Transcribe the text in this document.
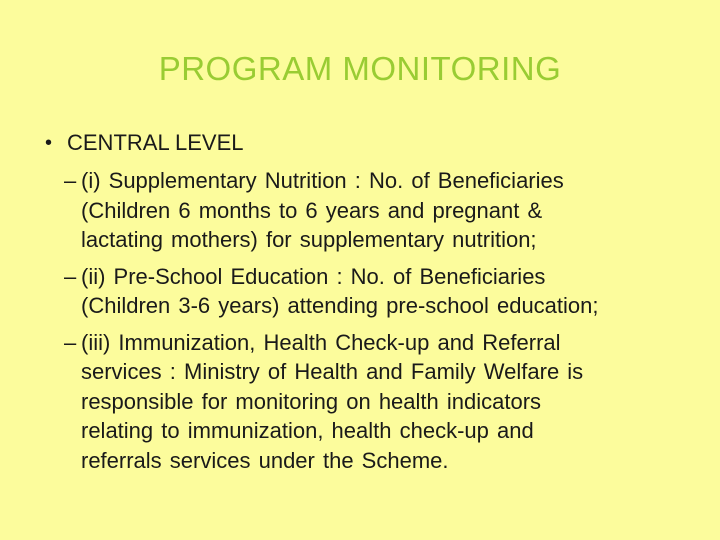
PROGRAM MONITORING
• CENTRAL LEVEL
– (i) Supplementary Nutrition : No. of Beneficiaries
(Children 6 months to 6 years and pregnant &
lactating mothers) for supplementary nutrition;
– (ii) Pre-School Education : No. of Beneficiaries
(Children 3-6 years) attending pre-school education;
– (iii) Immunization, Health Check-up and Referral
services : Ministry of Health and Family Welfare is
responsible for monitoring on health indicators
relating to immunization, health check-up and
referrals services under the Scheme.
